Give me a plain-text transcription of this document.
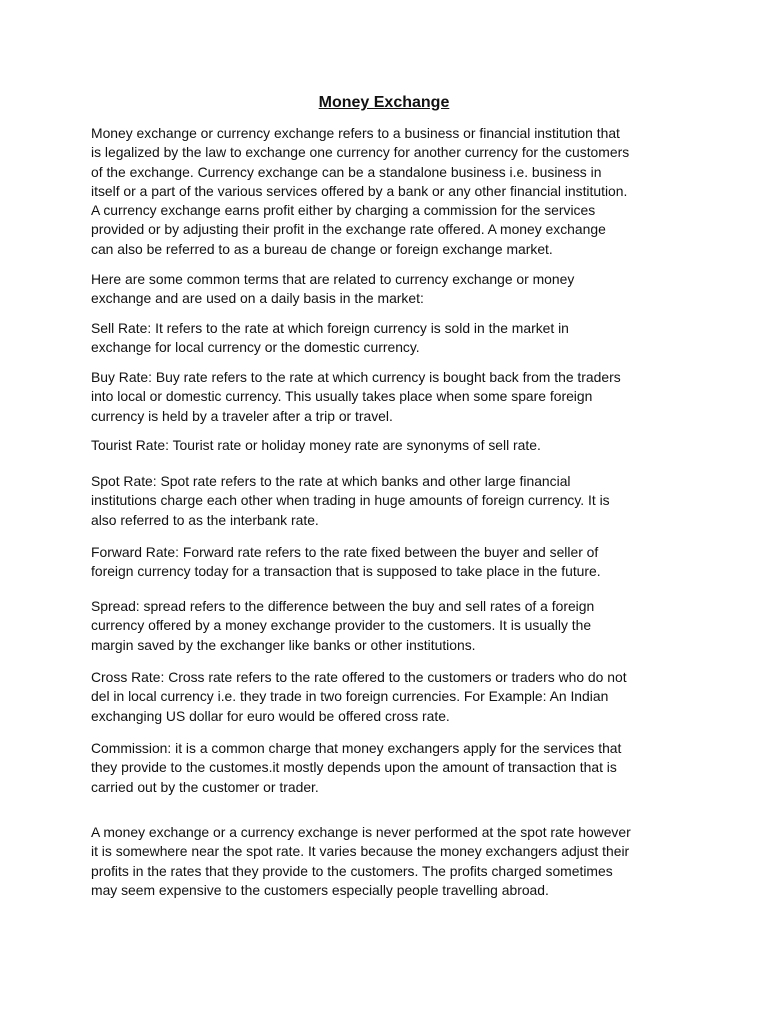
Money Exchange

Money exchange or currency exchange refers to a business or financial institution that
is legalized by the law to exchange one currency for another currency for the customers
of the exchange. Currency exchange can be a standalone business i.e. business in
itself or a part of the various services offered by a bank or any other financial institution.
A currency exchange earns profit either by charging a commission for the services
provided or by adjusting their profit in the exchange rate offered. A money exchange
can also be referred to as a bureau de change or foreign exchange market.

Here are some common terms that are related to currency exchange or money
exchange and are used on a daily basis in the market:

Sell Rate: It refers to the rate at which foreign currency is sold in the market in
exchange for local currency or the domestic currency.

Buy Rate: Buy rate refers to the rate at which currency is bought back from the traders
into local or domestic currency. This usually takes place when some spare foreign
currency is held by a traveler after a trip or travel.

Tourist Rate: Tourist rate or holiday money rate are synonyms of sell rate.

Spot Rate: Spot rate refers to the rate at which banks and other large financial
institutions charge each other when trading in huge amounts of foreign currency. It is
also referred to as the interbank rate.

Forward Rate: Forward rate refers to the rate fixed between the buyer and seller of
foreign currency today for a transaction that is supposed to take place in the future.

Spread: spread refers to the difference between the buy and sell rates of a foreign
currency offered by a money exchange provider to the customers. It is usually the
margin saved by the exchanger like banks or other institutions.

Cross Rate: Cross rate refers to the rate offered to the customers or traders who do not
del in local currency i.e. they trade in two foreign currencies. For Example: An Indian
exchanging US dollar for euro would be offered cross rate.

Commission: it is a common charge that money exchangers apply for the services that
they provide to the customes.it mostly depends upon the amount of transaction that is
carried out by the customer or trader.

A money exchange or a currency exchange is never performed at the spot rate however
it is somewhere near the spot rate. It varies because the money exchangers adjust their
profits in the rates that they provide to the customers. The profits charged sometimes
may seem expensive to the customers especially people travelling abroad.
